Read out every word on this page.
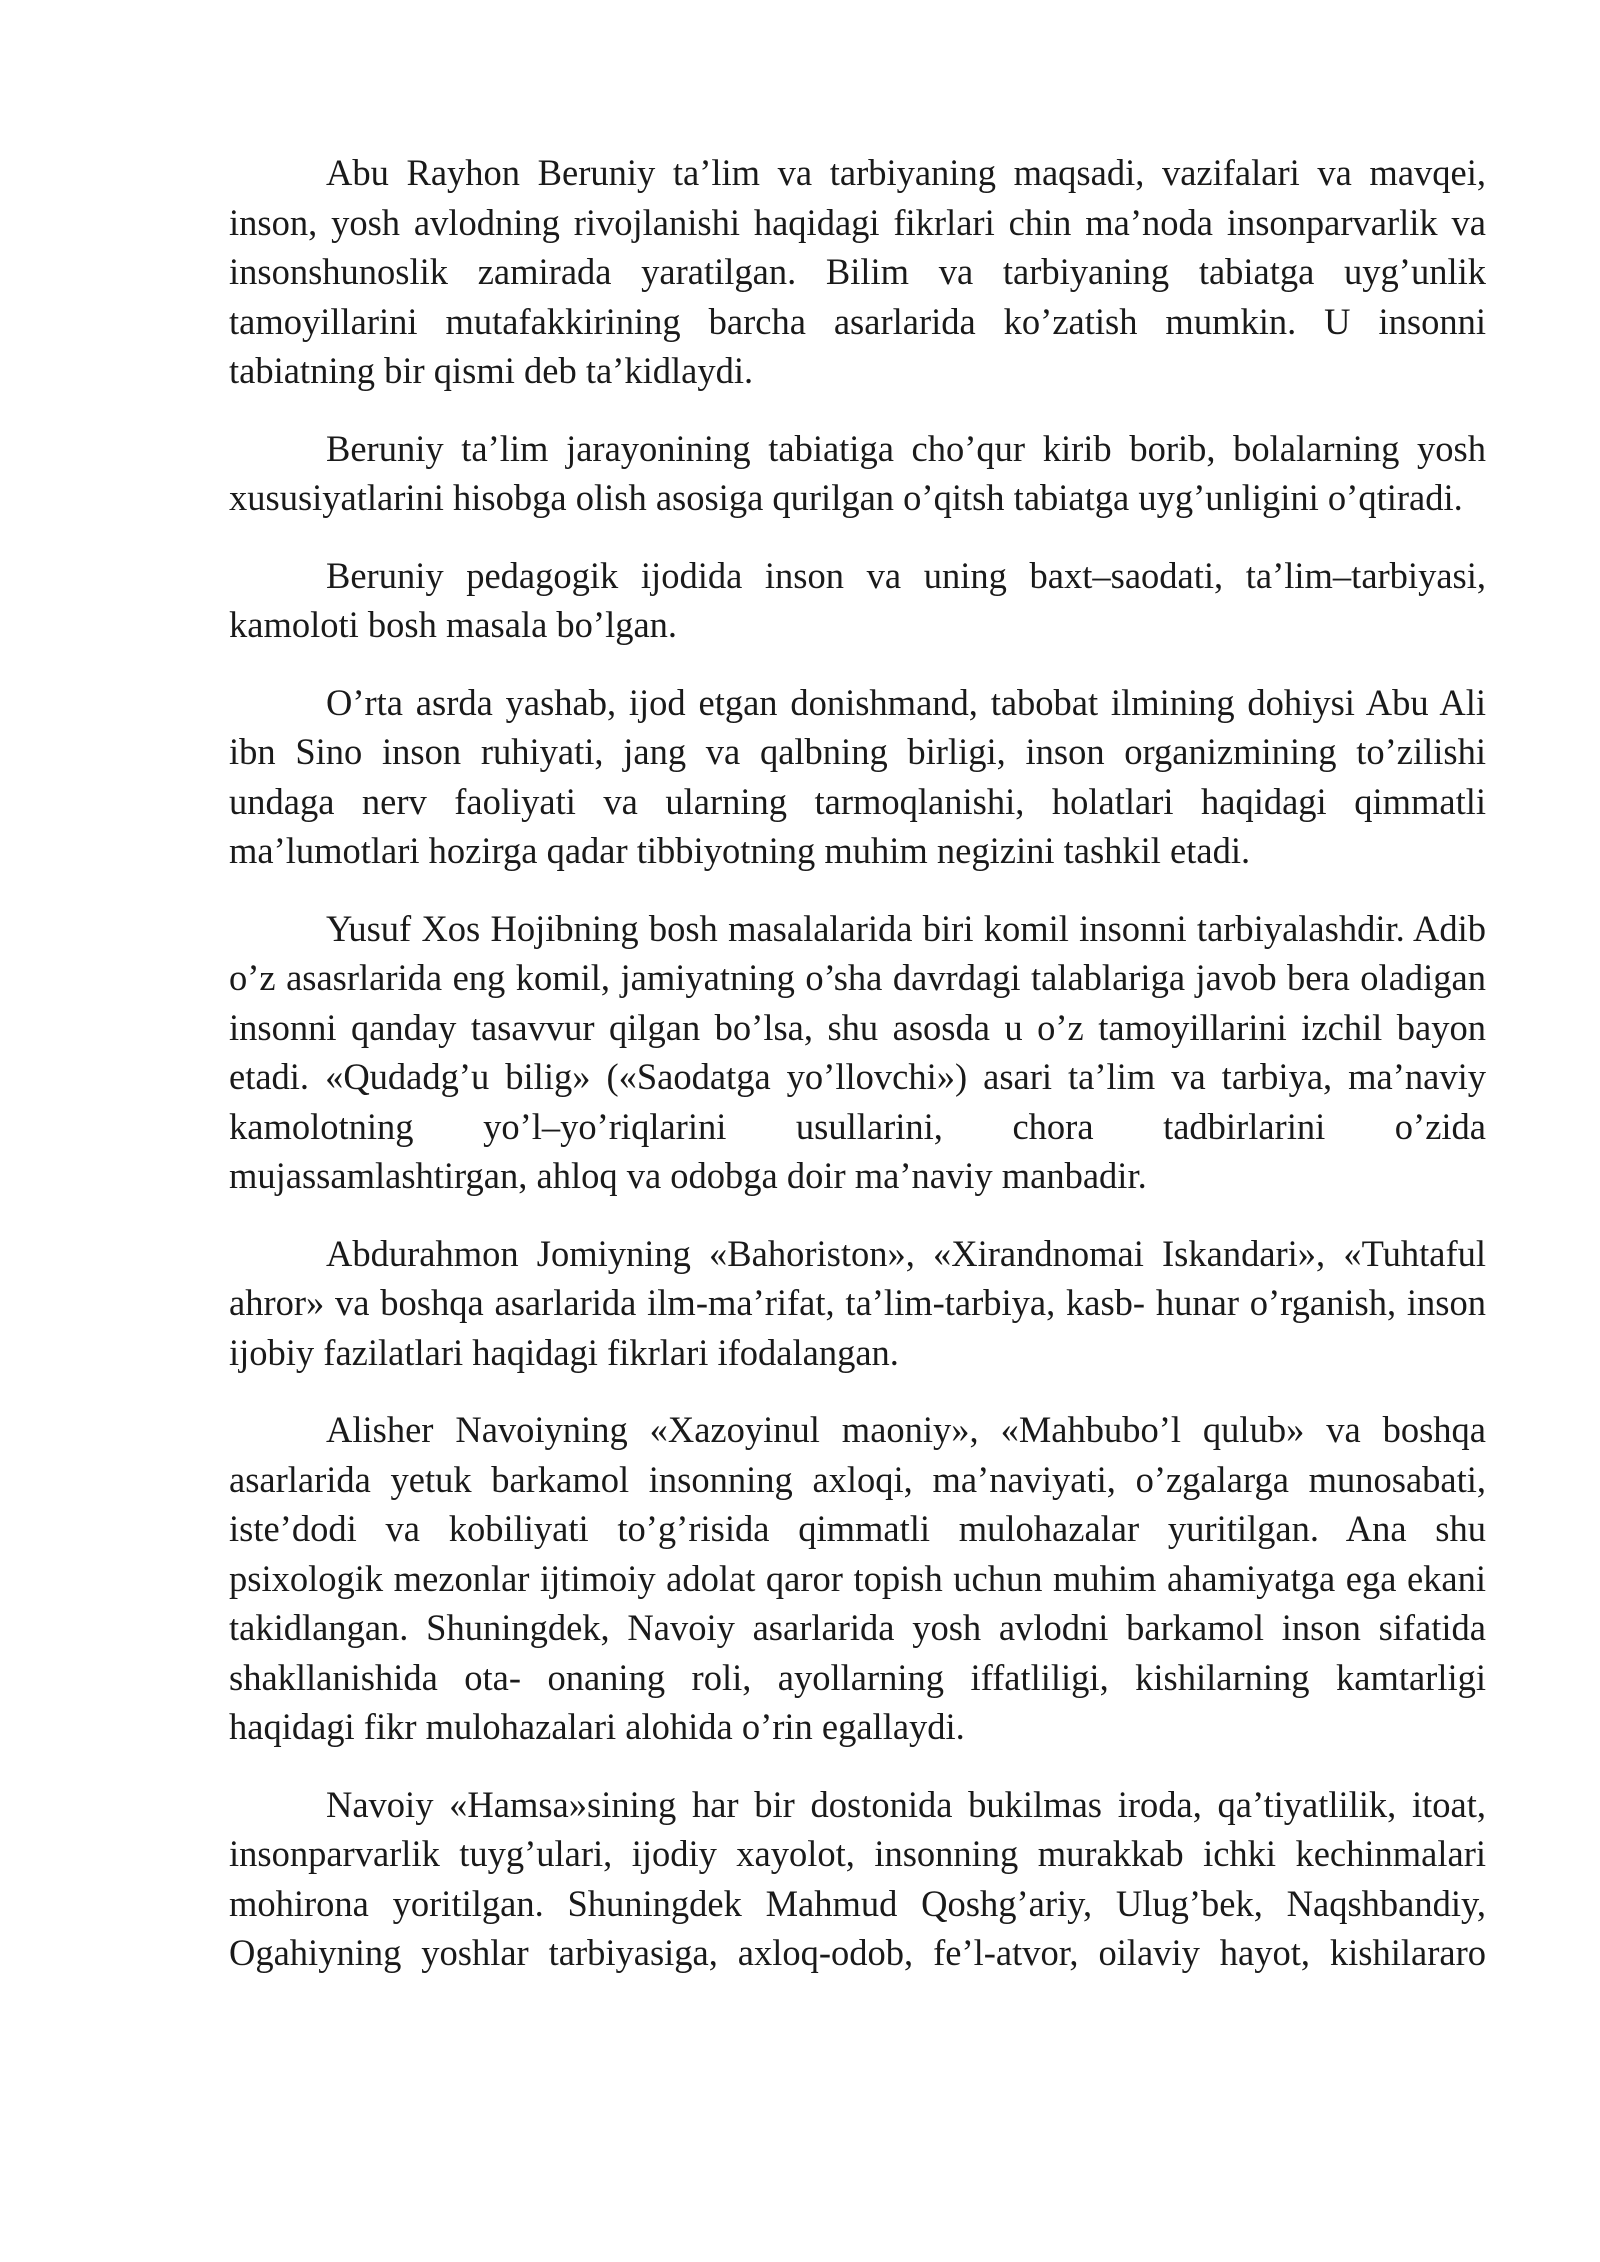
Abu Rayhon Beruniy ta’lim va tarbiyaning maqsadi, vazifalari va mavqei, inson, yosh avlodning rivojlanishi haqidagi fikrlari chin ma’noda insonparvarlik va insonshunoslik zamirada yaratilgan. Bilim va tarbiyaning tabiatga uyg’unlik tamoyillarini mutafakkirining barcha asarlarida ko’zatish mumkin. U insonni tabiatning bir qismi deb ta’kidlaydi.

Beruniy ta’lim jarayonining tabiatiga cho’qur kirib borib, bolalarning yosh xususiyatlarini hisobga olish asosiga qurilgan o’qitsh tabiatga uyg’unligini o’qtiradi.

Beruniy pedagogik ijodida inson va uning baxt–saodati, ta’lim–tarbiyasi, kamoloti bosh masala bo’lgan.

O’rta asrda yashab, ijod etgan donishmand, tabobat ilmining dohiysi Abu Ali ibn Sino inson ruhiyati, jang va qalbning birligi, inson organizmining to’zilishi undaga nerv faoliyati va ularning tarmoqlanishi, holatlari haqidagi qimmatli ma’lumotlari hozirga qadar tibbiyotning muhim negizini tashkil etadi.

Yusuf Xos Hojibning bosh masalalarida biri komil insonni tarbiyalashdir. Adib o’z asasrlarida eng komil, jamiyatning o’sha davrdagi talablariga javob bera oladigan insonni qanday tasavvur qilgan bo’lsa, shu asosda u o’z tamoyillarini izchil bayon etadi. «Qudadg’u bilig» («Saodatga yo’llovchi») asari ta’lim va tarbiya, ma’naviy kamolotning yo’l–yo’riqlarini usullarini, chora tadbirlarini o’zida mujassamlashtirgan, ahloq va odobga doir ma’naviy manbadir.

Abdurahmon Jomiyning «Bahoriston», «Xirandnomai Iskandari», «Tuhtaful ahror» va boshqa asarlarida ilm-ma’rifat, ta’lim-tarbiya, kasb- hunar o’rganish, inson ijobiy fazilatlari haqidagi fikrlari ifodalangan.

Alisher Navoiyning «Xazoyinul maoniy», «Mahbubo’l qulub» va boshqa asarlarida yetuk barkamol insonning axloqi, ma’naviyati, o’zgalarga munosabati, iste’dodi va kobiliyati to’g’risida qimmatli mulohazalar yuritilgan. Ana shu psixologik mezonlar ijtimoiy adolat qaror topish uchun muhim ahamiyatga ega ekani takidlangan. Shuningdek, Navoiy asarlarida yosh avlodni barkamol inson sifatida shakllanishida ota- onaning roli, ayollarning iffatliligi, kishilarning kamtarligi haqidagi fikr mulohazalari alohida o’rin egallaydi.

Navoiy «Hamsa»sining har bir dostonida bukilmas iroda, qa’tiyatlilik, itoat, insonparvarlik tuyg’ulari, ijodiy xayolot, insonning murakkab ichki kechinmalari mohirona yoritilgan. Shuningdek Mahmud Qoshg’ariy, Ulug’bek, Naqshbandiy, Ogahiyning yoshlar tarbiyasiga, axloq-odob, fe’l-atvor, oilaviy hayot, kishilararo
